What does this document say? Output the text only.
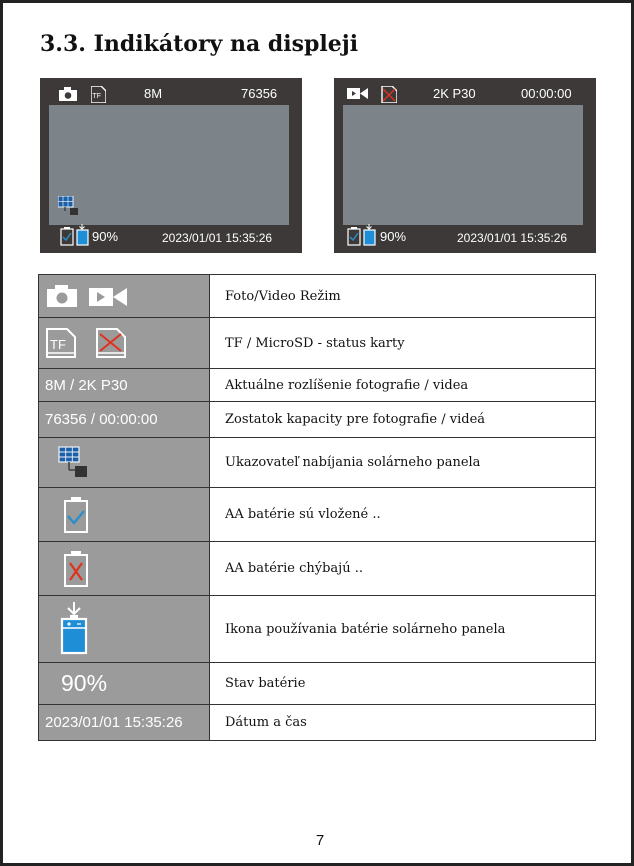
3.3. Indikátory na displeji
TF	8M	76356
90%	2023/01/01 15:35:26
2K P30	00:00:00
90%	2023/01/01 15:35:26
	Foto/Video Režim

TF	TF / MicroSD - status karty
8M / 2K P30	Aktuálne rozlíšenie fotografie / videa
76356 / 00:00:00	Zostatok kapacity pre fotografie / videá
	Ukazovateľ nabíjania solárneho panela
	AA batérie sú vložené ..
	AA batérie chýbajú ..
	Ikona používania batérie solárneho panela
90%	Stav batérie
2023/01/01 15:35:26	Dátum a čas
7
